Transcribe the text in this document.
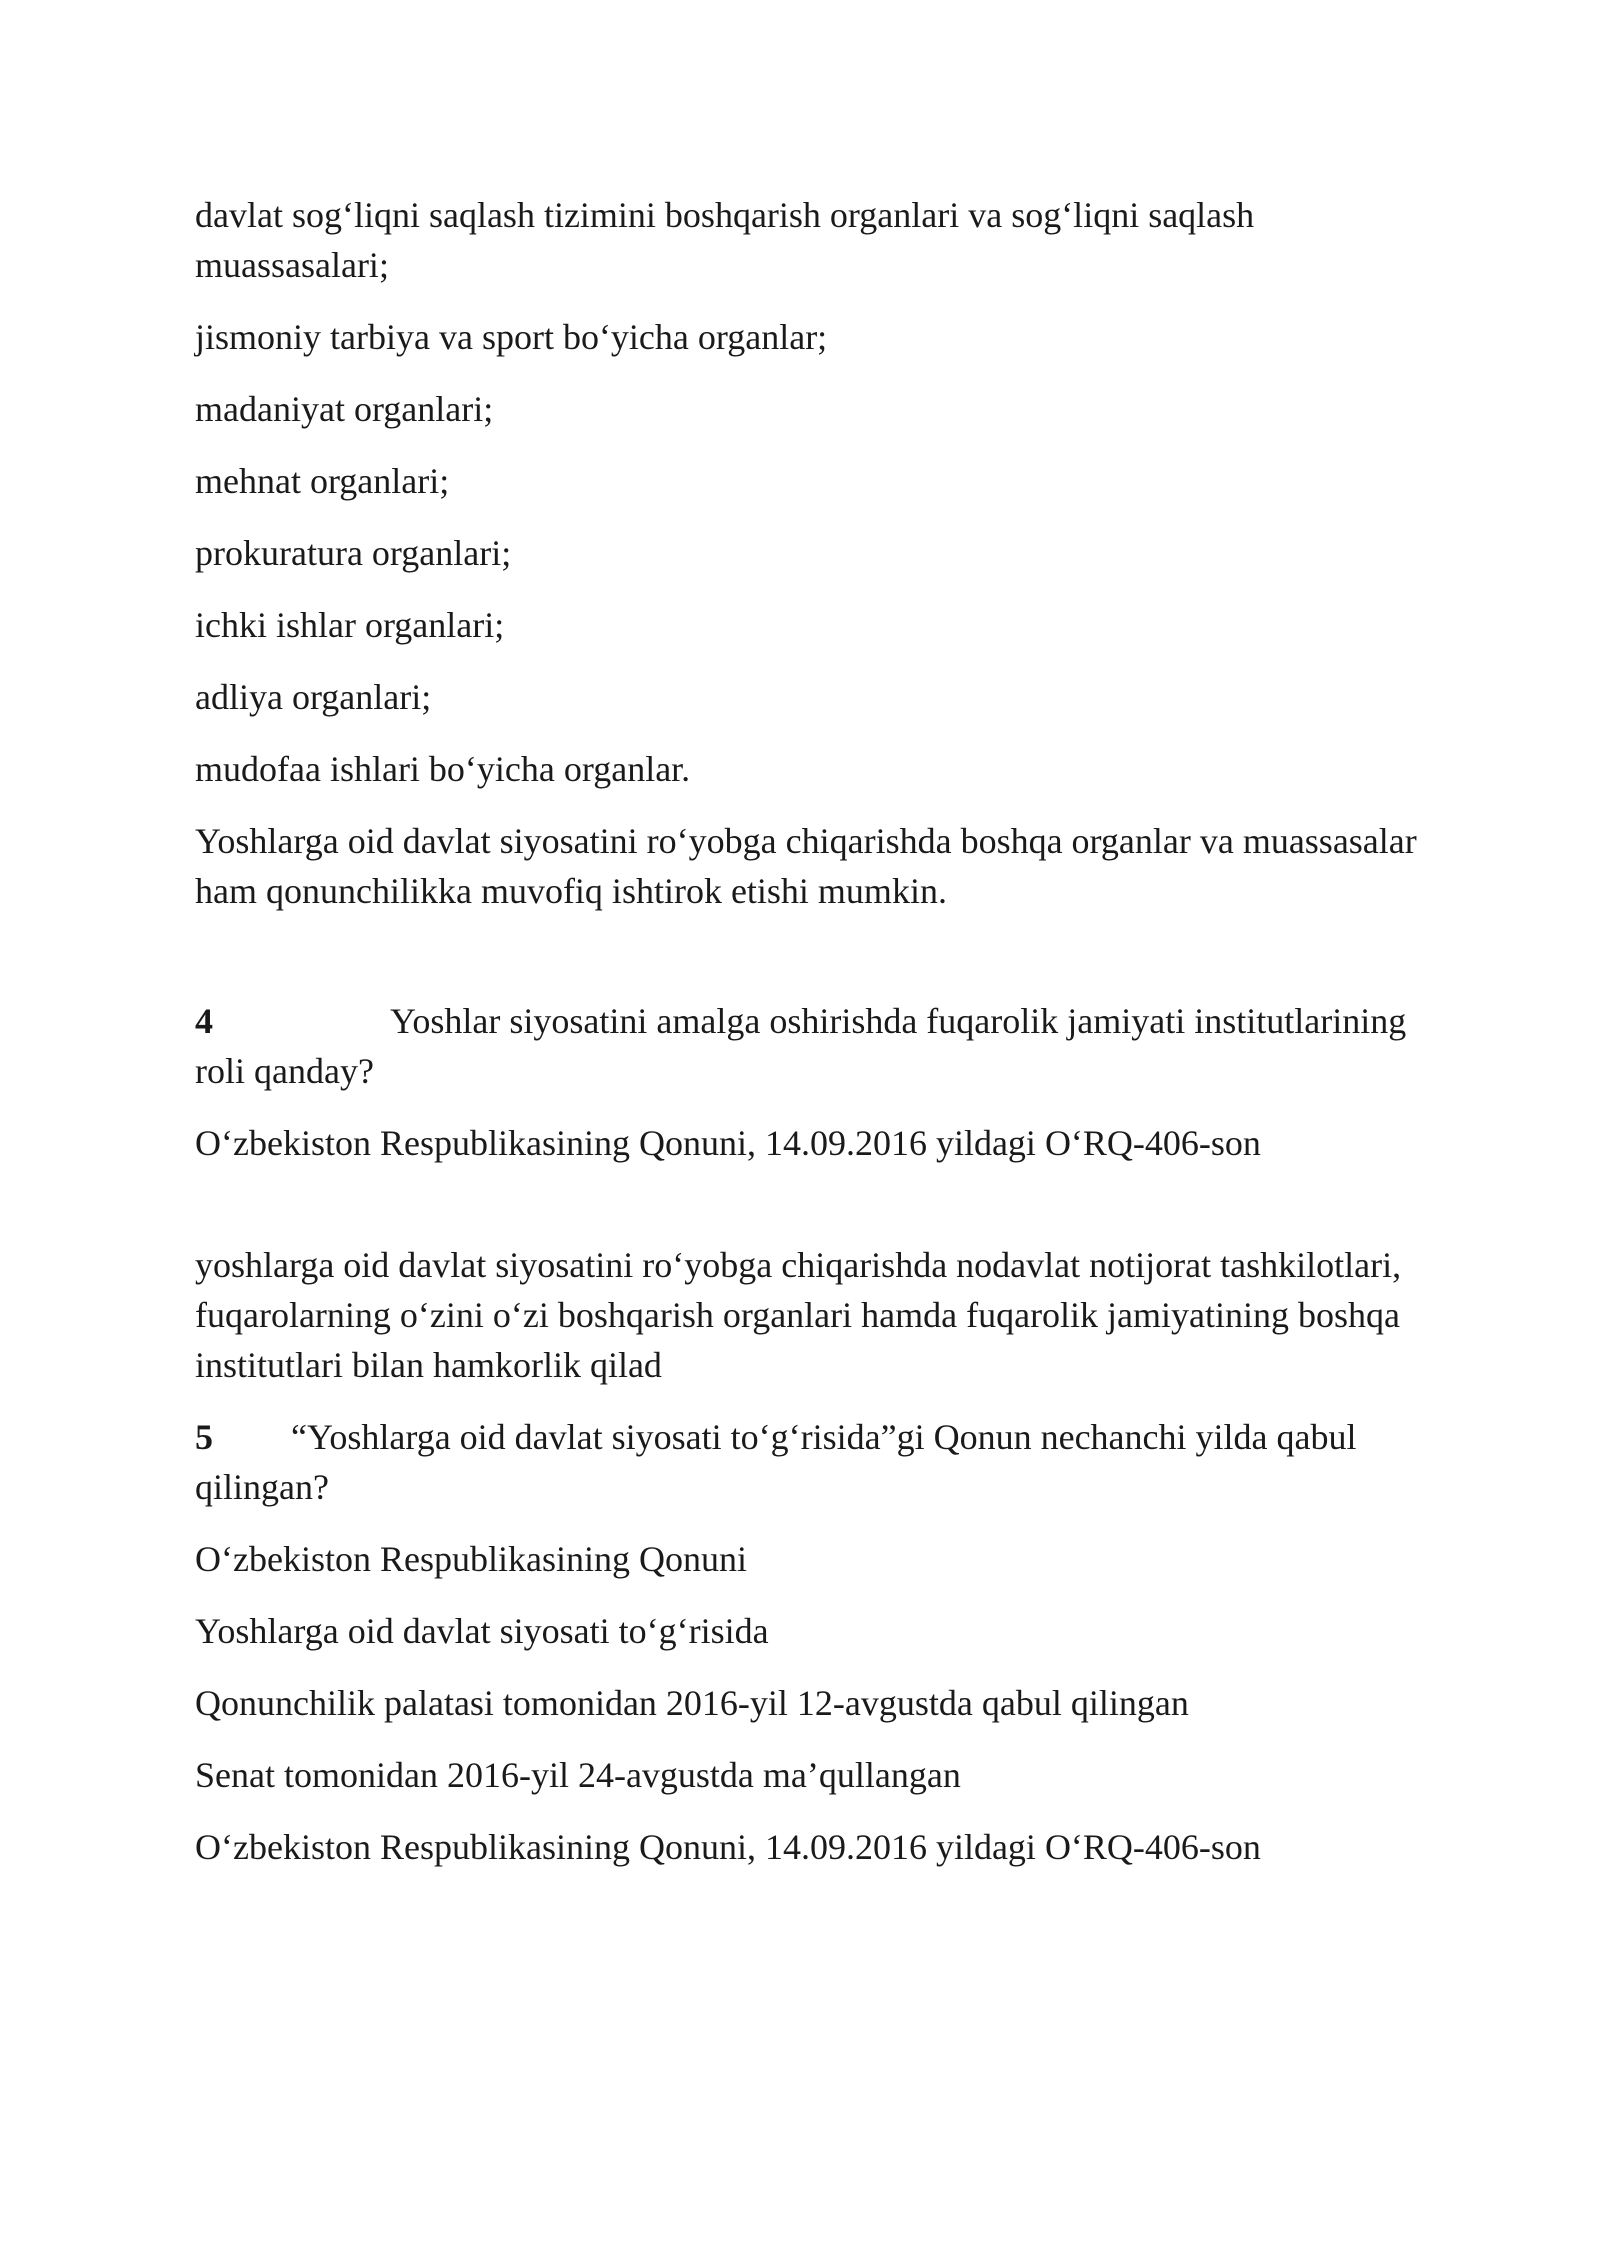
davlat sog‘liqni saqlash tizimini boshqarish organlari va sog‘liqni saqlash muassasalari;

jismoniy tarbiya va sport bo‘yicha organlar;

madaniyat organlari;

mehnat organlari;

prokuratura organlari;

ichki ishlar organlari;

adliya organlari;

mudofaa ishlari bo‘yicha organlar.

Yoshlarga oid davlat siyosatini ro‘yobga chiqarishda boshqa organlar va muassasalar ham qonunchilikka muvofiq ishtirok etishi mumkin.

4	Yoshlar siyosatini amalga oshirishda fuqarolik jamiyati institutlarining roli qanday?

O‘zbekiston Respublikasining Qonuni, 14.09.2016 yildagi O‘RQ-406-son

yoshlarga oid davlat siyosatini ro‘yobga chiqarishda nodavlat notijorat tashkilotlari, fuqarolarning o‘zini o‘zi boshqarish organlari hamda fuqarolik jamiyatining boshqa institutlari bilan hamkorlik qilad

5 “Yoshlarga oid davlat siyosati to‘g‘risida”gi Qonun nechanchi yilda qabul qilingan?

O‘zbekiston Respublikasining Qonuni

Yoshlarga oid davlat siyosati to‘g‘risida

Qonunchilik palatasi tomonidan 2016-yil 12-avgustda qabul qilingan

Senat tomonidan 2016-yil 24-avgustda ma’qullangan

O‘zbekiston Respublikasining Qonuni, 14.09.2016 yildagi O‘RQ-406-son
